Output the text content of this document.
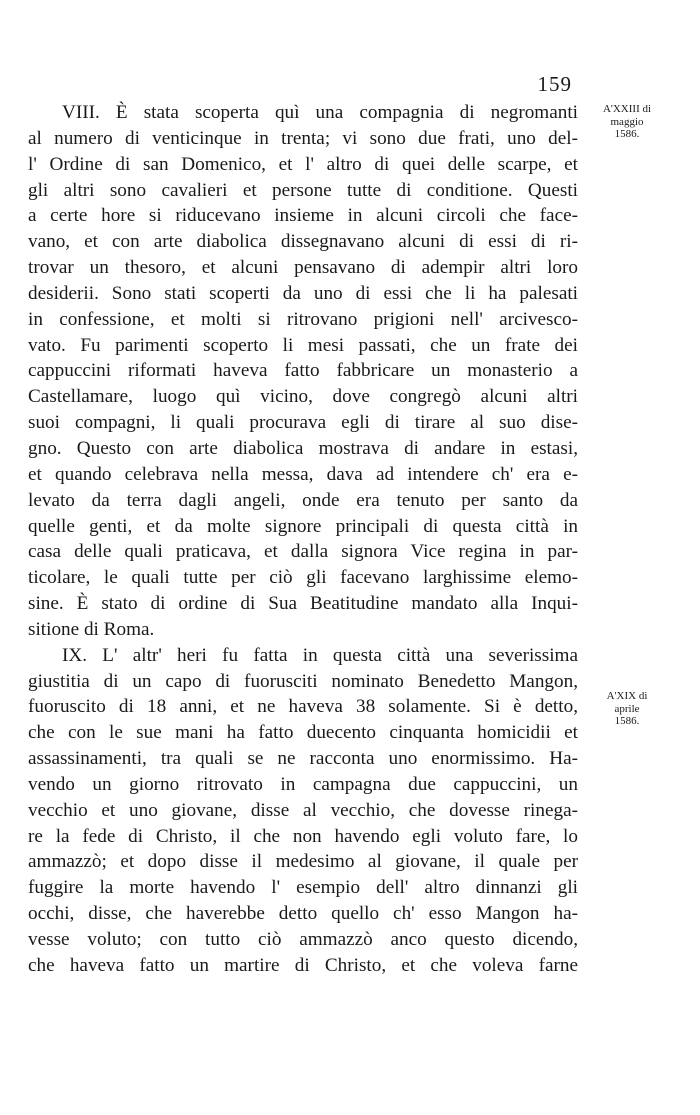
159
A'XXIII di
maggio
1586.
A'XIX di
aprile
1586.
VIII. È stata scoperta quì una compagnia di negromanti
al numero di venticinque in trenta; vi sono due frati, uno del-
l' Ordine di san Domenico, et l' altro di quei delle scarpe, et
gli altri sono cavalieri et persone tutte di conditione. Questi
a certe hore si riducevano insieme in alcuni circoli che face-
vano, et con arte diabolica dissegnavano alcuni di essi di ri-
trovar un thesoro, et alcuni pensavano di adempir altri loro
desiderii. Sono stati scoperti da uno di essi che li ha palesati
in confessione, et molti si ritrovano prigioni nell' arcivesco-
vato. Fu parimenti scoperto li mesi passati, che un frate dei
cappuccini riformati haveva fatto fabbricare un monasterio a
Castellamare, luogo quì vicino, dove congregò alcuni altri
suoi compagni, li quali procurava egli di tirare al suo dise-
gno. Questo con arte diabolica mostrava di andare in estasi,
et quando celebrava nella messa, dava ad intendere ch' era e-
levato da terra dagli angeli, onde era tenuto per santo da
quelle genti, et da molte signore principali di questa città in
casa delle quali praticava, et dalla signora Vice regina in par-
ticolare, le quali tutte per ciò gli facevano larghissime elemo-
sine. È stato di ordine di Sua Beatitudine mandato alla Inqui-
sitione di Roma.
IX. L' altr' heri fu fatta in questa città una severissima
giustitia di un capo di fuorusciti nominato Benedetto Mangon,
fuoruscito di 18 anni, et ne haveva 38 solamente. Si è detto,
che con le sue mani ha fatto duecento cinquanta homicidii et
assassinamenti, tra quali se ne racconta uno enormissimo. Ha-
vendo un giorno ritrovato in campagna due cappuccini, un
vecchio et uno giovane, disse al vecchio, che dovesse rinega-
re la fede di Christo, il che non havendo egli voluto fare, lo
ammazzò; et dopo disse il medesimo al giovane, il quale per
fuggire la morte havendo l' esempio dell' altro dinnanzi gli
occhi, disse, che haverebbe detto quello ch' esso Mangon ha-
vesse voluto; con tutto ciò ammazzò anco questo dicendo,
che haveva fatto un martire di Christo, et che voleva farne
